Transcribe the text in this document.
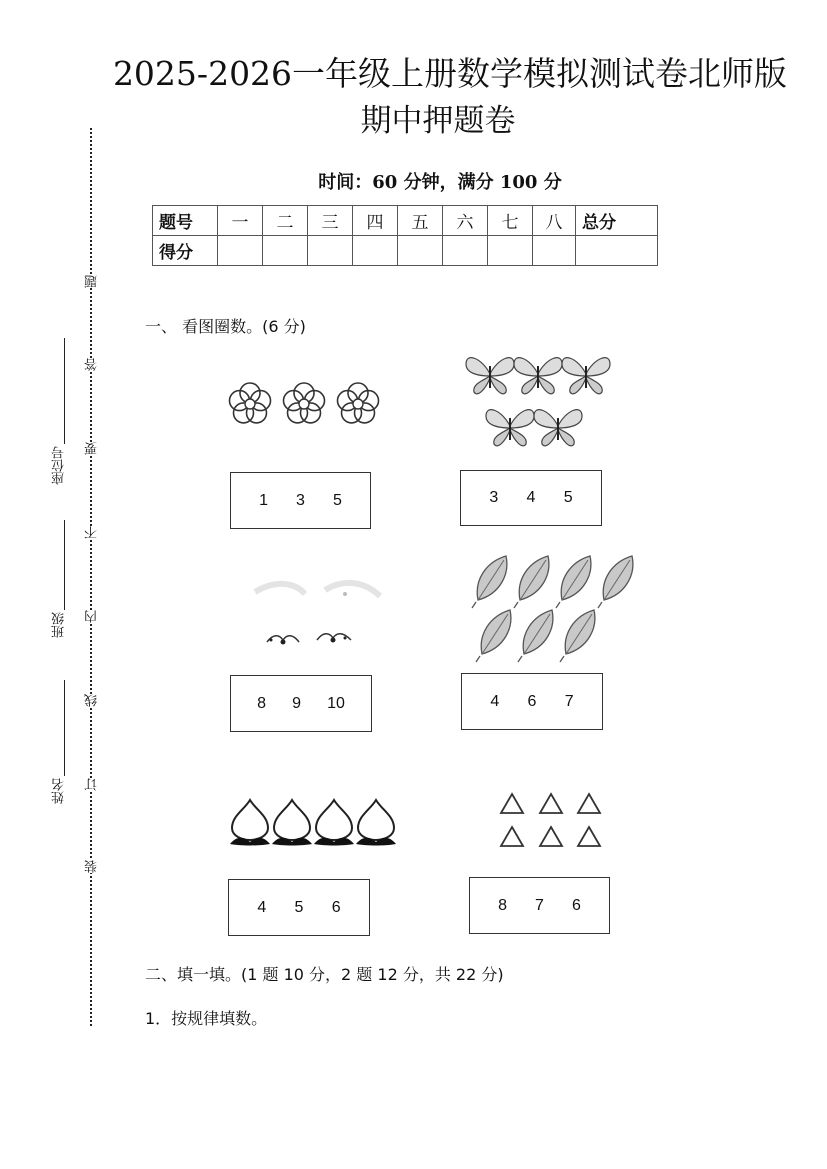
2025-2026一年级上册数学模拟测试卷北师版
期中押题卷
时间：60 分钟，满分 100 分
题号	一	二	三	四	五	六	七	八	总分
得分									
题
答
要
不
内
线
订
装
座位号
班级
姓名
一、 看图圈数。(6 分)
1 3 5	3 4 5
8 9 10	4 6 7
4 5 6	8 7 6
二、填一填。(1 题 10 分，2 题 12 分，共 22 分)
1．按规律填数。
